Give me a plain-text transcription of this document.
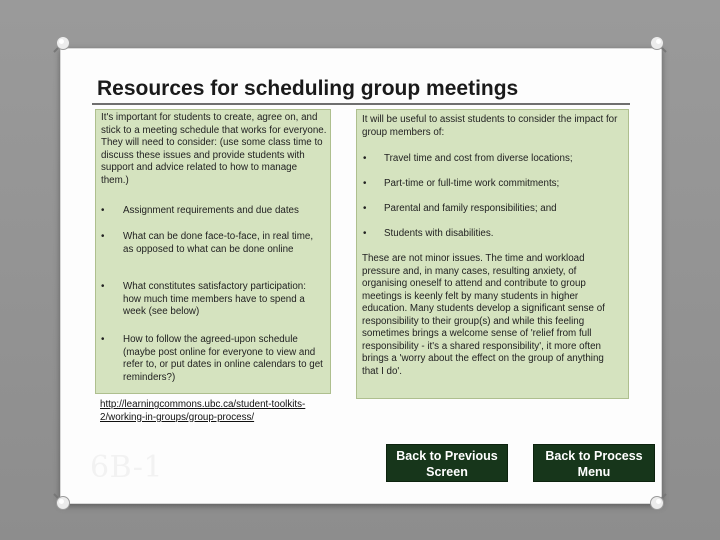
Resources for scheduling group meetings
It's important for students to create, agree on, and stick to a meeting schedule that works for everyone. They will need to consider: (use some class time to discuss these issues and provide students with support and advice related to how to manage them.)
• Assignment requirements and due dates
• What can be done face-to-face, in real time, as opposed to what can be done online
• What constitutes satisfactory participation: how much time members have to spend a week (see below)
• How to follow the agreed-upon schedule (maybe post online for everyone to view and refer to, or put dates in online calendars to get reminders?)
It will be useful to assist students to consider the impact for group members of:
• Travel time and cost from diverse locations;
• Part-time or full-time work commitments;
• Parental and family responsibilities; and
• Students with disabilities.
These are not minor issues. The time and workload pressure and, in many cases, resulting anxiety, of organising oneself to attend and contribute to group meetings is keenly felt by many students in higher education. Many students develop a significant sense of responsibility to their group(s) and while this feeling sometimes brings a welcome sense of 'relief from full responsibility - it's a shared responsibility', it more often brings a 'worry about the effect on the group of anything that I do'.
http://learningcommons.ubc.ca/student-toolkits-2/working-in-groups/group-process/
6B-1	Back to Previous Screen
Back to Process Menu
